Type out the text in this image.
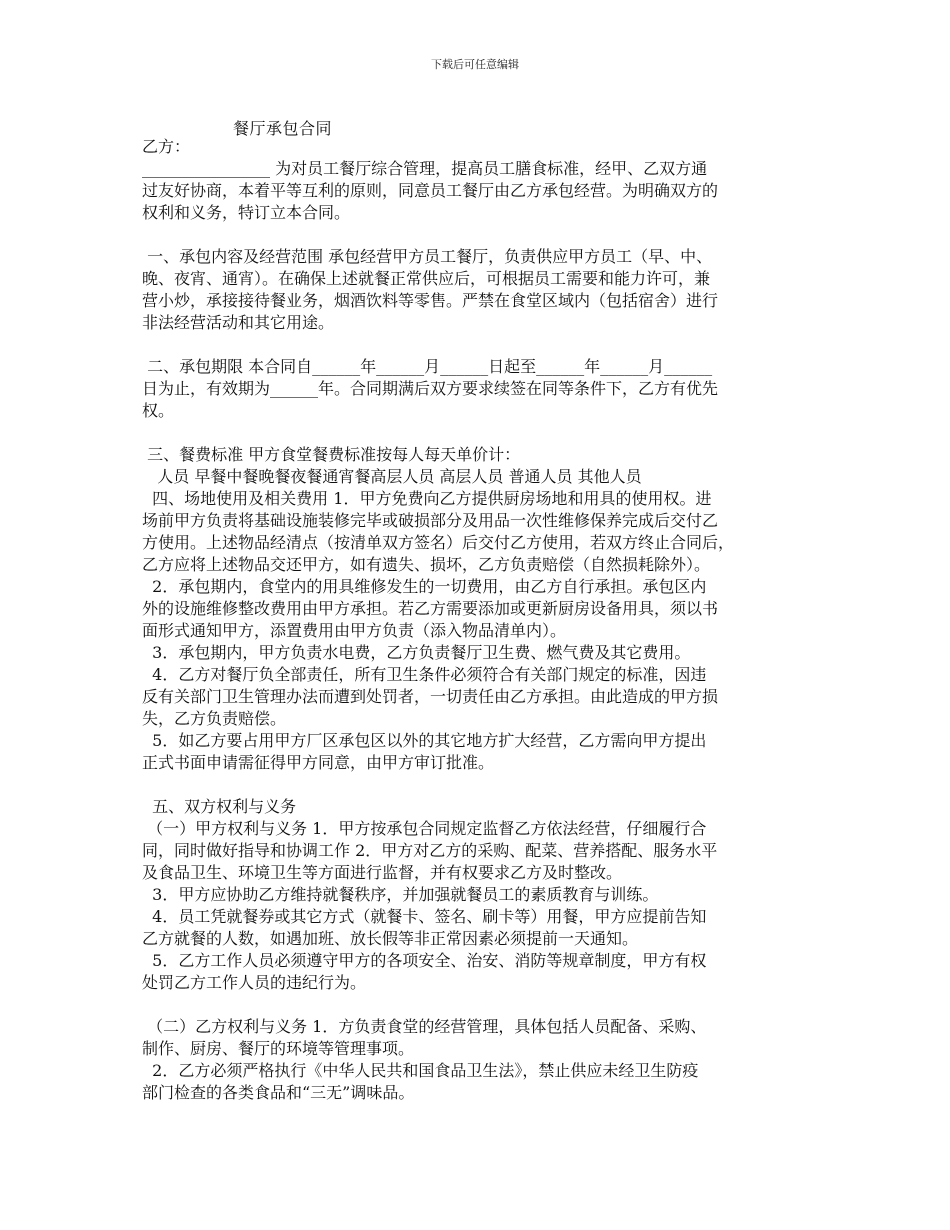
下载后可任意编辑
餐厅承包合同
乙方：
________________ 为对员工餐厅综合管理，提高员工膳食标准，经甲、乙双方通
过友好协商，本着平等互利的原则，同意员工餐厅由乙方承包经营。为明确双方的
权利和义务，特订立本合同。
一、承包内容及经营范围 承包经营甲方员工餐厅，负责供应甲方员工（早、中、
晚、夜宵、通宵）。在确保上述就餐正常供应后，可根据员工需要和能力许可，兼
营小炒，承接接待餐业务，烟酒饮料等零售。严禁在食堂区域内（包括宿舍）进行
非法经营活动和其它用途。
二、承包期限 本合同自______年______月______日起至______年______月______
日为止，有效期为______年。合同期满后双方要求续签在同等条件下，乙方有优先
权。
三、餐费标准 甲方食堂餐费标准按每人每天单价计：
人员 早餐中餐晚餐夜餐通宵餐高层人员 高层人员 普通人员 其他人员
四、场地使用及相关费用 1．甲方免费向乙方提供厨房场地和用具的使用权。进
场前甲方负责将基础设施装修完毕或破损部分及用品一次性维修保养完成后交付乙
方使用。上述物品经清点（按清单双方签名）后交付乙方使用，若双方终止合同后，
乙方应将上述物品交还甲方，如有遗失、损坏，乙方负责赔偿（自然损耗除外）。
2．承包期内，食堂内的用具维修发生的一切费用，由乙方自行承担。承包区内
外的设施维修整改费用由甲方承担。若乙方需要添加或更新厨房设备用具，须以书
面形式通知甲方，添置费用由甲方负责（添入物品清单内）。
3．承包期内，甲方负责水电费，乙方负责餐厅卫生费、燃气费及其它费用。
4．乙方对餐厅负全部责任，所有卫生条件必须符合有关部门规定的标准，因违
反有关部门卫生管理办法而遭到处罚者，一切责任由乙方承担。由此造成的甲方损
失，乙方负责赔偿。
5．如乙方要占用甲方厂区承包区以外的其它地方扩大经营，乙方需向甲方提出
正式书面申请需征得甲方同意，由甲方审订批准。
五、双方权利与义务
（一）甲方权利与义务 1．甲方按承包合同规定监督乙方依法经营，仔细履行合
同，同时做好指导和协调工作 2．甲方对乙方的采购、配菜、营养搭配、服务水平
及食品卫生、环境卫生等方面进行监督，并有权要求乙方及时整改。
3．甲方应协助乙方维持就餐秩序，并加强就餐员工的素质教育与训练。
4．员工凭就餐券或其它方式（就餐卡、签名、刷卡等）用餐，甲方应提前告知
乙方就餐的人数，如遇加班、放长假等非正常因素必须提前一天通知。
5．乙方工作人员必须遵守甲方的各项安全、治安、消防等规章制度，甲方有权
处罚乙方工作人员的违纪行为。
（二）乙方权利与义务 1．方负责食堂的经营管理，具体包括人员配备、采购、
制作、厨房、餐厅的环境等管理事项。
2．乙方必须严格执行《中华人民共和国食品卫生法》，禁止供应未经卫生防疫
部门检查的各类食品和“三无”调味品。
